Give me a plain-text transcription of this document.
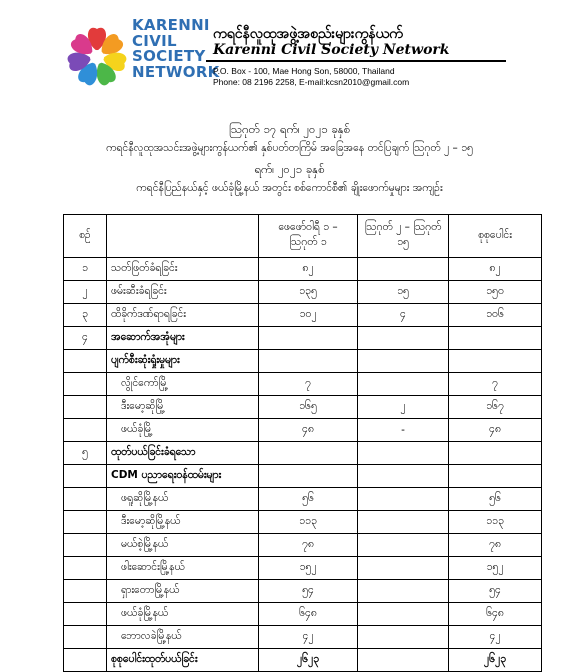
KARENNI
CIVIL
SOCIETY
NETWORK
ကရင်နီလူထုအဖွဲ့အစည်းများကွန်ယက်
Karenni Civil Society Network
P.O. Box - 100, Mae Hong Son, 58000, Thailand
Phone: 08 2196 2258, E-mail:kcsn2010@gmail.com
ဩဂုတ် ၁၇ ရက်၊ ၂၀၂၁ ခုနှစ်
ကရင်နီလူထုအသင်းအဖွဲ့များကွန်ယက်၏ နှစ်ပတ်တကြိမ် အခြေအနေ တင်ပြချက် ဩဂုတ် ၂ – ၁၅
ရက်၊ ၂၀၂၁ ခုနှစ်
ကရင်နီပြည်နယ်နှင့် ဖယ်ခုံမြို့နယ် အတွင်း စစ်ကောင်စီ၏ ချိုးဖောက်မှုများ အကျဉ်း
စဉ်		ဖေဖော်ဝါရီ ၁ – ဩဂုတ် ၁	ဩဂုတ် ၂ – ဩဂုတ် ၁၅	စုစုပေါင်း
၁	သတ်ဖြတ်ခံရခြင်း	၈၂		၈၂
၂	ဖမ်းဆီးခံရခြင်း	၁၃၅	၁၅	၁၅၀
၃	ထိခိုက်ဒဏ်ရာရခြင်း	၁၀၂	၄	၁၀၆
၄	အဆောက်အအုံများ			
	ပျက်စီးဆုံးရှုံးမှုများ			
	လွိုင်ကော်မြို့	၇		၇
	ဒီးမော့ဆိုမြို့	၁၆၅	၂	၁၆၇
	ဖယ်ခုံမြို့	၄၈	-	၄၈
၅	ထုတ်ပယ်ခြင်းခံရသော			
	CDM ပညာရေးဝန်ထမ်းများ			
	ဖရူဆိုမြို့နယ်	၅၆		၅၆
	ဒီးမော့ဆိုမြို့နယ်	၁၁၃		၁၁၃
	မယ်စဲ့မြို့နယ်	၇၈		၇၈
	ဖါးဆောင်းမြို့နယ်	၁၅၂		၁၅၂
	ရှားတောမြို့နယ်	၅၄		၅၄
	ဖယ်ခုံမြို့နယ်	၆၄၈		၆၄၈
	ဘောလခဲမြို့နယ်	၄၂		၄၂
	စုစုပေါင်းထုတ်ပယ်ခြင်း	၂၆၂၃		၂၆၂၃
